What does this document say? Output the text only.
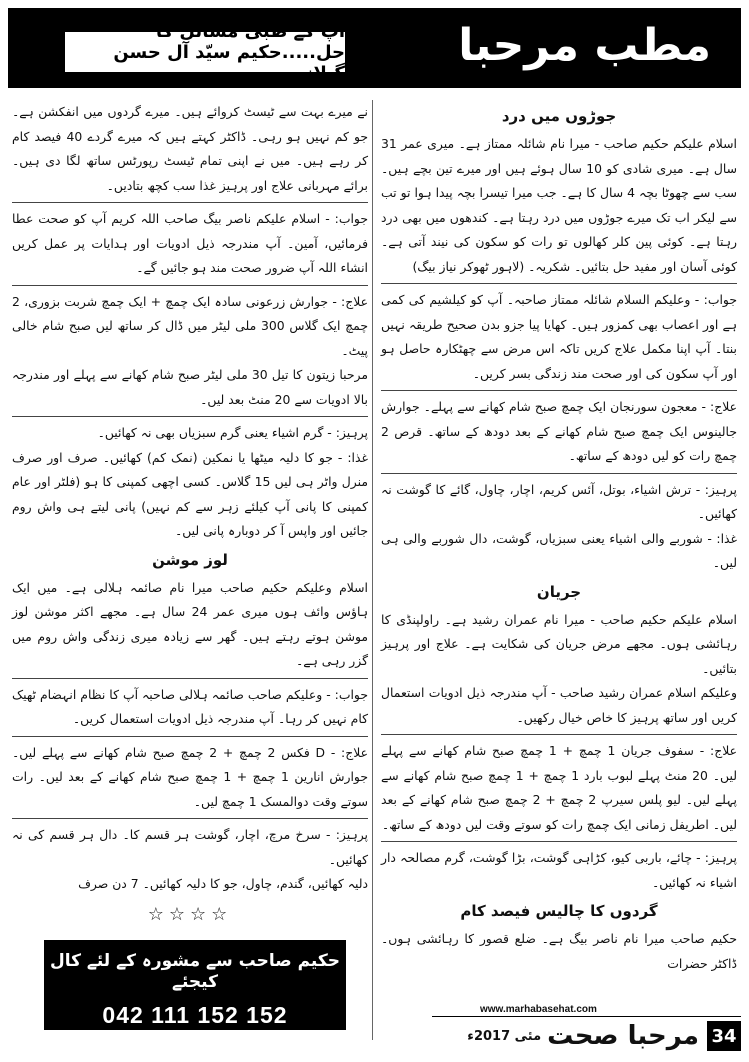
مطب مرحبا
آپ کے طبی مسائل کا حل.....حکیم سیّد آل حسن گیلانی
جوڑوں میں درد

اسلام علیکم حکیم صاحب - میرا نام شائلہ ممتاز ہے۔ میری عمر 31 سال ہے۔ میری شادی کو 10 سال ہوئے ہیں اور میرے تین بچے ہیں۔ سب سے چھوٹا بچہ 4 سال کا ہے۔ جب میرا تیسرا بچہ پیدا ہوا تو تب سے لیکر اب تک میرے جوڑوں میں درد رہتا ہے۔ کندھوں میں بھی درد رہتا ہے۔ کوئی پین کلر کھالوں تو رات کو سکون کی نیند آتی ہے۔ کوئی آسان اور مفید حل بتائیں۔ شکریہ۔ (لاہور ٹھوکر نیاز بیگ)

جواب: - وعلیکم السلام شائلہ ممتاز صاحبہ۔ آپ کو کیلشیم کی کمی ہے اور اعصاب بھی کمزور ہیں۔ کھایا پیا جزو بدن صحیح طریقہ نہیں بنتا۔ آپ اپنا مکمل علاج کریں تاکہ اس مرض سے چھٹکارہ حاصل ہو اور آپ سکون کی اور صحت مند زندگی بسر کریں۔

علاج: - معجون سورنجان ایک چمچ صبح شام کھانے سے پہلے۔ جوارش جالینوس ایک چمچ صبح شام کھانے کے بعد دودھ کے ساتھ۔ قرص 2 چمچ رات کو لیں دودھ کے ساتھ۔

پرہیز: - ترش اشیاء، بوتل، آئس کریم، اچار، چاول، گائے کا گوشت نہ کھائیں۔

غذا: - شوربے والی اشیاء یعنی سبزیاں، گوشت، دال شوربے والی ہی لیں۔

جریان

اسلام علیکم حکیم صاحب - میرا نام عمران رشید ہے۔ راولپنڈی کا رہائشی ہوں۔ مجھے مرض جریان کی شکایت ہے۔ علاج اور پرہیز بتائیں۔

وعلیکم اسلام عمران رشید صاحب - آپ مندرجہ ذیل ادویات استعمال کریں اور ساتھ پرہیز کا خاص خیال رکھیں۔

علاج: - سفوف جریان 1 چمچ + 1 چمچ صبح شام کھانے سے پہلے لیں۔ 20 منٹ پہلے لبوب بارد 1 چمچ + 1 چمچ صبح شام کھانے سے پہلے لیں۔ لیو پلس سیرپ 2 چمچ + 2 چمچ صبح شام کھانے کے بعد لیں۔ اطریفل زمانی ایک چمچ رات کو سوتے وقت لیں دودھ کے ساتھ۔

پرہیز: - چائے، باربی کیو، کڑاہی گوشت، بڑا گوشت، گرم مصالحہ دار اشیاء نہ کھائیں۔

گردوں کا چالیس فیصد کام

حکیم صاحب میرا نام ناصر بیگ ہے۔ ضلع قصور کا رہائشی ہوں۔ ڈاکٹر حضرات

نے میرے بہت سے ٹیسٹ کروائے ہیں۔ میرے گردوں میں انفکشن ہے۔ جو کم نہیں ہو رہی۔ ڈاکٹر کہتے ہیں کہ میرے گردے 40 فیصد کام کر رہے ہیں۔ میں نے اپنی تمام ٹیسٹ رپورٹس ساتھ لگا دی ہیں۔ برائے مہربانی علاج اور پرہیز غذا سب کچھ بتادیں۔

جواب: - اسلام علیکم ناصر بیگ صاحب اللہ کریم آپ کو صحت عطا فرمائیں، آمین۔ آپ مندرجہ ذیل ادویات اور ہدایات پر عمل کریں انشاء اللہ آپ ضرور صحت مند ہو جائیں گے۔

علاج: - جوارش زرعونی سادہ ایک چمچ + ایک چمچ شربت بزوری، 2 چمچ ایک گلاس 300 ملی لیٹر میں ڈال کر ساتھ لیں صبح شام خالی پیٹ۔

مرحبا زیتون کا تیل 30 ملی لیٹر صبح شام کھانے سے پہلے اور مندرجہ بالا ادویات سے 20 منٹ بعد لیں۔

پرہیز: - گرم اشیاء یعنی گرم سبزیاں بھی نہ کھائیں۔

غذا: - جو کا دلیہ میٹھا یا نمکین (نمک کم) کھائیں۔ صرف اور صرف منرل واٹر ہی لیں 15 گلاس۔ کسی اچھی کمپنی کا ہو (فلٹر اور عام کمپنی کا پانی آپ کیلئے زہر سے کم نہیں) پانی لیتے ہی واش روم جائیں اور واپس آ کر دوبارہ پانی لیں۔

لوز موشن

اسلام وعلیکم حکیم صاحب میرا نام صائمہ ہلالی ہے۔ میں ایک ہاؤس وائف ہوں میری عمر 24 سال ہے۔ مجھے اکثر موشن لوز موشن ہوتے رہتے ہیں۔ گھر سے زیادہ میری زندگی واش روم میں گزر رہی ہے۔

جواب: - وعلیکم صاحب صائمہ ہلالی صاحبہ آپ کا نظام انہضام ٹھیک کام نہیں کر رہا۔ آپ مندرجہ ذیل ادویات استعمال کریں۔

علاج: - D فکس 2 چمچ + 2 چمچ صبح شام کھانے سے پہلے لیں۔ جوارش انارین 1 چمچ + 1 چمچ صبح شام کھانے کے بعد لیں۔ رات سوتے وقت دوالمسک 1 چمچ لیں۔

پرہیز: - سرخ مرچ، اچار، گوشت ہر قسم کا۔ دال ہر قسم کی نہ کھائیں۔

دلیہ کھائیں، گندم، چاول، جو کا دلیہ کھائیں۔ 7 دن صرف

☆☆☆☆
حکیم صاحب سے مشورہ کے لئے کال کیجئے
042 111 152 152	www.marhabasehat.com
مئی 2017ء مرحبا صحت 34
